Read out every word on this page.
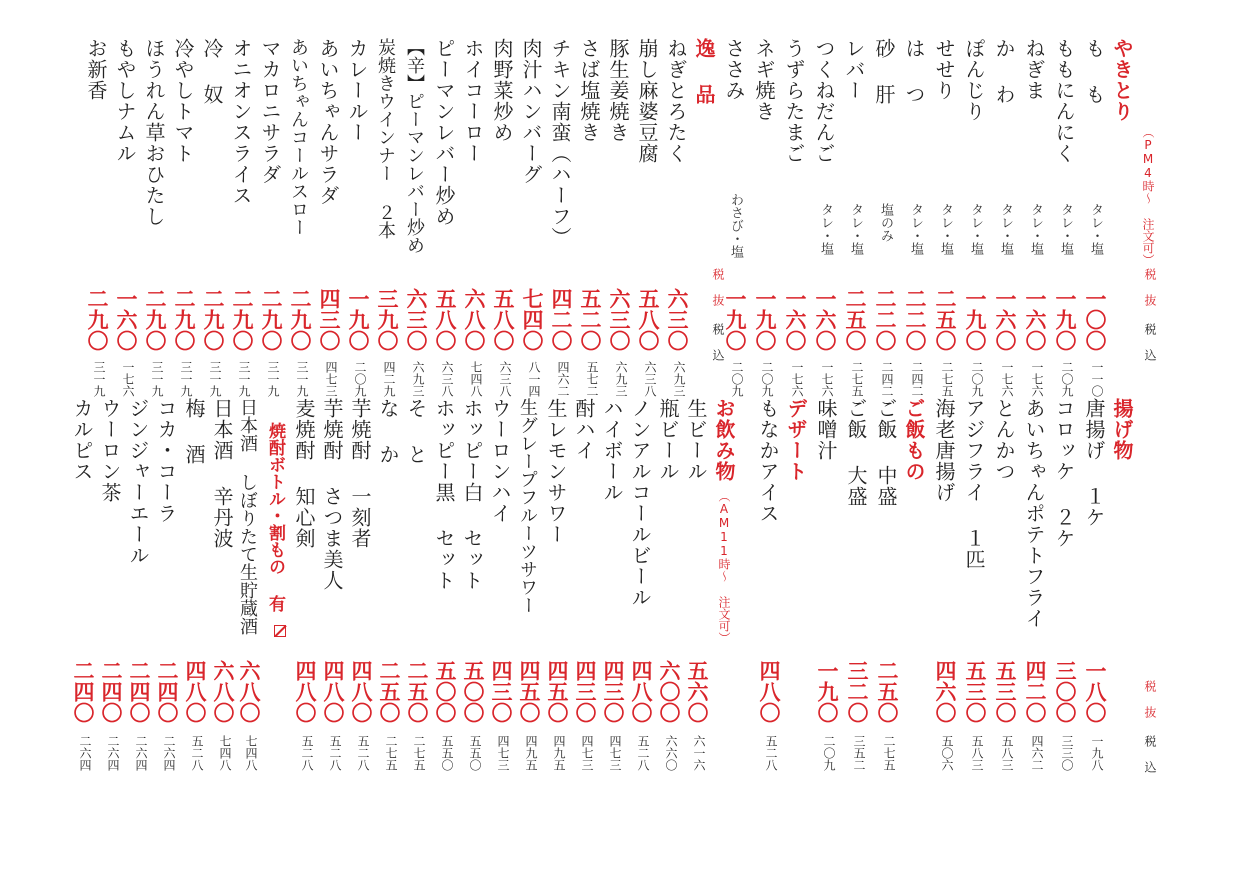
税 抜
税 込
税 抜
税 込
やきとり
（PM4時〜 注文可）
も も
タレ・塩
一〇〇
一一〇
ももにんにく
タレ・塩
一九〇
二〇九
ねぎま
タレ・塩
一六〇
一七六
か わ
タレ・塩
一六〇
一七六
ぽんじり
タレ・塩
一九〇
二〇九
せせり
タレ・塩
二五〇
二七五
は つ
タレ・塩
二二〇
二四二
砂 肝
塩のみ
二二〇
二四二
レバー
タレ・塩
二五〇
二七五
つくねだんご
タレ・塩
一六〇
一七六
うずらたまご
一六〇
一七六
ネギ焼き
一九〇
二〇九
ささみ
わさび・塩
一九〇
二〇九
逸 品
ねぎとろたく
六三〇
六九三
崩し麻婆豆腐
五八〇
六三八
豚生姜焼き
六三〇
六九三
さば塩焼き
五二〇
五七二
チキン南蛮（ハーフ）
四二〇
四六二
肉汁ハンバーグ
七四〇
八一四
肉野菜炒め
五八〇
六三八
ホイコーロー
六八〇
七四八
ピーマンレバー炒め
五八〇
六三八
【辛】ピーマンレバー炒め
六三〇
六九三
炭焼きウインナー ２本
三九〇
四二九
カレールー
一九〇
二〇九
あいちゃんサラダ
四三〇
四七三
あいちゃんコールスロー
二九〇
三一九
マカロニサラダ
二九〇
三一九
オニオンスライス
二九〇
三一九
冷 奴
二九〇
三一九
冷やしトマト
二九〇
三一九
ほうれん草おひたし
二九〇
三一九
もやしナムル
一六〇
一七六
お新香
二九〇
三一九
税 抜
税 込
揚げ物
唐揚げ １ケ
一八〇
一九八
コロッケ ２ケ
三〇〇
三三〇
あいちゃんポテトフライ
四二〇
四六二
とんかつ
五三〇
五八三
アジフライ １匹
五三〇
五八三
海老唐揚げ
四六〇
五〇六
ご飯もの
ご飯 中盛
二五〇
二七五
ご飯 大盛
三二〇
三五二
味噌汁
一九〇
二〇九
デザート
もなかアイス
四八〇
五二八
お飲み物
（AM11時〜 注文可）
生ビール
五六〇
六一六
瓶ビール
六〇〇
六六〇
ノンアルコールビール
四八〇
五二八
ハイボール
四三〇
四七三
酎ハイ
四三〇
四七三
生レモンサワー
四五〇
四九五
生グレープフルーツサワー
四五〇
四九五
ウーロンハイ
四三〇
四七三
ホッピー白 セット
五〇〇
五五〇
ホッピー黒 セット
五〇〇
五五〇
そ と
二五〇
二七五
な か
二五〇
二七五
芋焼酎 一刻者
四八〇
五二八
芋焼酎 さつま美人
四八〇
五二八
麦焼酎 知心剣
四八〇
五二八
焼酎ボトル・割もの 有
日本酒 しぼりたて生貯蔵酒
六八〇
七四八
日本酒 辛丹波
六八〇
七四八
梅 酒
四八〇
五二八
コカ・コーラ
二四〇
二六四
ジンジャーエール
二四〇
二六四
ウーロン茶
二四〇
二六四
カルピス
二四〇
二六四
